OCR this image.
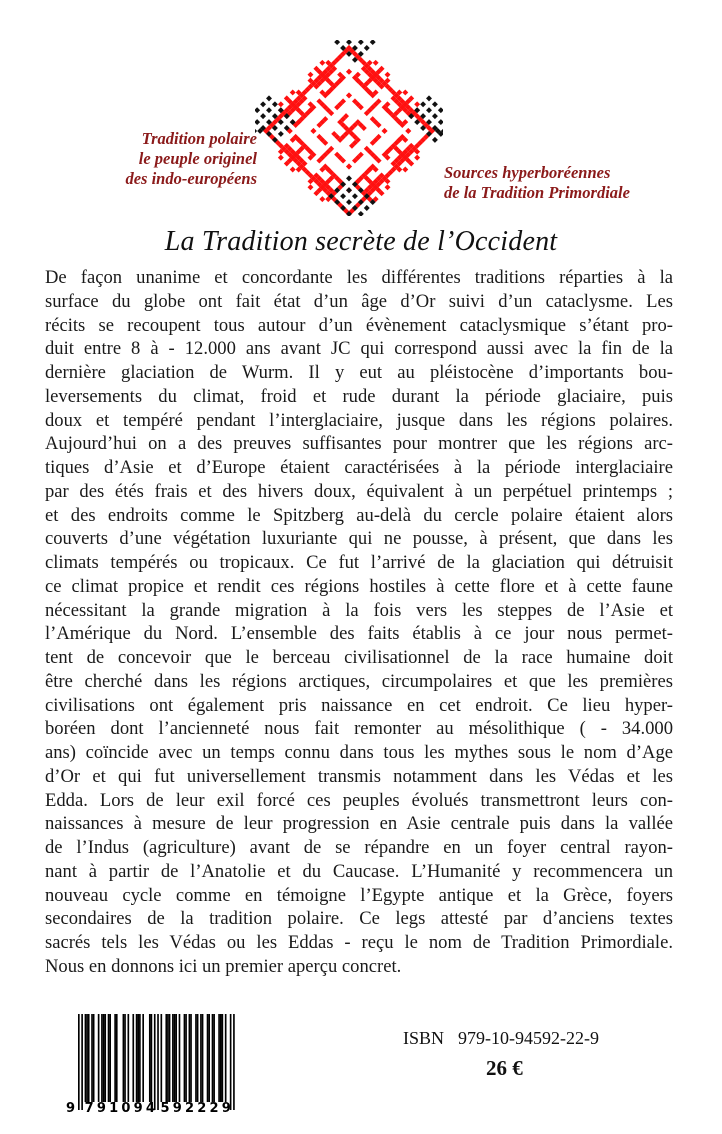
Tradition polaire
le peuple originel
des indo-européens	Sources hyperboréennes
de la Tradition Primordiale
La Tradition secrète de l’Occident
De façon unanime et concordante les différentes traditions réparties à la
surface du globe ont fait état d’un âge d’Or suivi d’un cataclysme. Les
récits se recoupent tous autour d’un évènement cataclysmique s’étant pro-
duit entre 8 à - 12.000 ans avant JC qui correspond aussi avec la fin de la
dernière glaciation de Wurm. Il y eut au pléistocène d’importants bou-
leversements du climat, froid et rude durant la période glaciaire, puis
doux et tempéré pendant l’interglaciaire, jusque dans les régions polaires.
Aujourd’hui on a des preuves suffisantes pour montrer que les régions arc-
tiques d’Asie et d’Europe étaient caractérisées à la période interglaciaire
par des étés frais et des hivers doux, équivalent à un perpétuel printemps ;
et des endroits comme le Spitzberg au-delà du cercle polaire étaient alors
couverts d’une végétation luxuriante qui ne pousse, à présent, que dans les
climats tempérés ou tropicaux. Ce fut l’arrivé de la glaciation qui détruisit
ce climat propice et rendit ces régions hostiles à cette flore et à cette faune
nécessitant la grande migration à la fois vers les steppes de l’Asie et
l’Amérique du Nord. L’ensemble des faits établis à ce jour nous permet-
tent de concevoir que le berceau civilisationnel de la race humaine doit
être cherché dans les régions arctiques, circumpolaires et que les premières
civilisations ont également pris naissance en cet endroit. Ce lieu hyper-
boréen dont l’ancienneté nous fait remonter au mésolithique ( - 34.000
ans) coïncide avec un temps connu dans tous les mythes sous le nom d’Age
d’Or et qui fut universellement transmis notamment dans les Védas et les
Edda. Lors de leur exil forcé ces peuples évolués transmettront leurs con-
naissances à mesure de leur progression en Asie centrale puis dans la vallée
de l’Indus (agriculture) avant de se répandre en un foyer central rayon-
nant à partir de l’Anatolie et du Caucase. L’Humanité y recommencera un
nouveau cycle comme en témoigne l’Egypte antique et la Grèce, foyers
secondaires de la tradition polaire. Ce legs attesté par d’anciens textes
sacrés tels les Védas ou les Eddas - reçu le nom de Tradition Primordiale.
Nous en donnons ici un premier aperçu concret.
9 791094 592229
ISBN 979-10-94592-22-9
26 €
